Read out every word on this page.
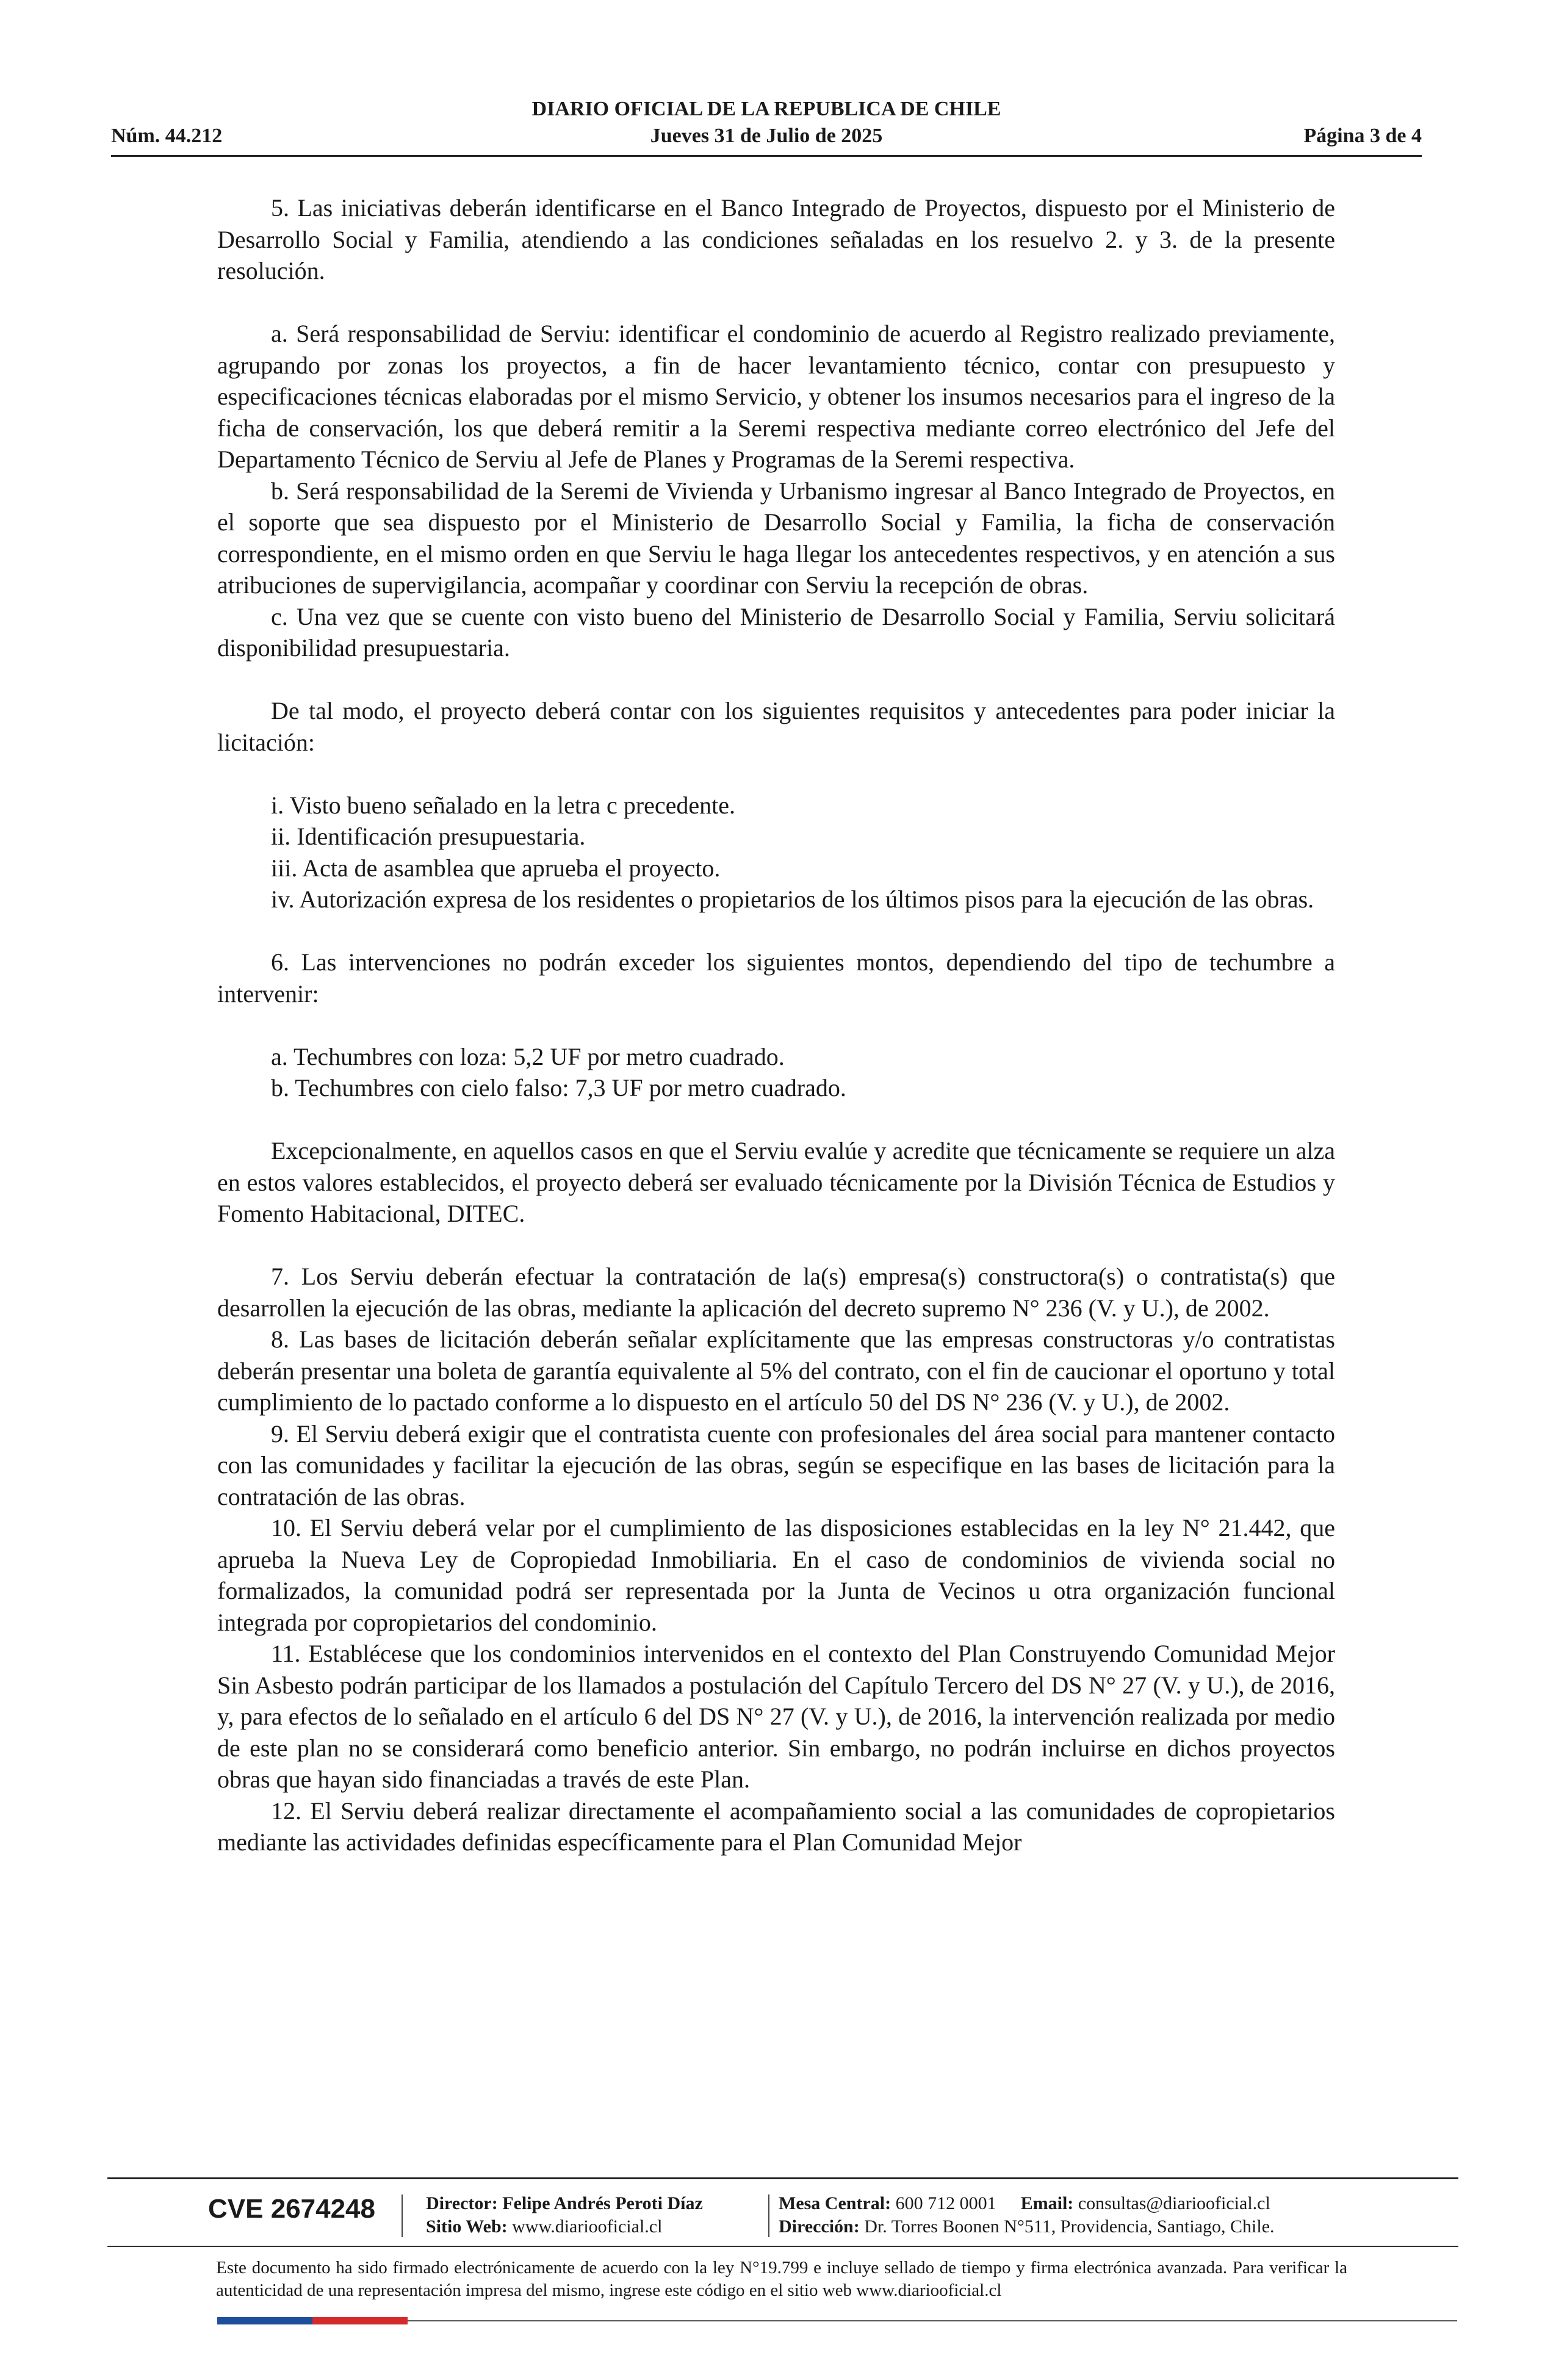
DIARIO OFICIAL DE LA REPUBLICA DE CHILE
Núm. 44.212	Jueves 31 de Julio de 2025	Página 3 de 4

5. Las iniciativas deberán identificarse en el Banco Integrado de Proyectos, dispuesto por el Ministerio de Desarrollo Social y Familia, atendiendo a las condiciones señaladas en los resuelvo 2. y 3. de la presente resolución.

a. Será responsabilidad de Serviu: identificar el condominio de acuerdo al Registro realizado previamente, agrupando por zonas los proyectos, a fin de hacer levantamiento técnico, contar con presupuesto y especificaciones técnicas elaboradas por el mismo Servicio, y obtener los insumos necesarios para el ingreso de la ficha de conservación, los que deberá remitir a la Seremi respectiva mediante correo electrónico del Jefe del Departamento Técnico de Serviu al Jefe de Planes y Programas de la Seremi respectiva.

b. Será responsabilidad de la Seremi de Vivienda y Urbanismo ingresar al Banco Integrado de Proyectos, en el soporte que sea dispuesto por el Ministerio de Desarrollo Social y Familia, la ficha de conservación correspondiente, en el mismo orden en que Serviu le haga llegar los antecedentes respectivos, y en atención a sus atribuciones de supervigilancia, acompañar y coordinar con Serviu la recepción de obras.

c. Una vez que se cuente con visto bueno del Ministerio de Desarrollo Social y Familia, Serviu solicitará disponibilidad presupuestaria.

De tal modo, el proyecto deberá contar con los siguientes requisitos y antecedentes para poder iniciar la licitación:

i. Visto bueno señalado en la letra c precedente.

ii. Identificación presupuestaria.

iii. Acta de asamblea que aprueba el proyecto.

iv. Autorización expresa de los residentes o propietarios de los últimos pisos para la ejecución de las obras.

6. Las intervenciones no podrán exceder los siguientes montos, dependiendo del tipo de techumbre a intervenir:

a. Techumbres con loza: 5,2 UF por metro cuadrado.

b. Techumbres con cielo falso: 7,3 UF por metro cuadrado.

Excepcionalmente, en aquellos casos en que el Serviu evalúe y acredite que técnicamente se requiere un alza en estos valores establecidos, el proyecto deberá ser evaluado técnicamente por la División Técnica de Estudios y Fomento Habitacional, DITEC.

7. Los Serviu deberán efectuar la contratación de la(s) empresa(s) constructora(s) o contratista(s) que desarrollen la ejecución de las obras, mediante la aplicación del decreto supremo N° 236 (V. y U.), de 2002.

8. Las bases de licitación deberán señalar explícitamente que las empresas constructoras y/o contratistas deberán presentar una boleta de garantía equivalente al 5% del contrato, con el fin de caucionar el oportuno y total cumplimiento de lo pactado conforme a lo dispuesto en el artículo 50 del DS N° 236 (V. y U.), de 2002.

9. El Serviu deberá exigir que el contratista cuente con profesionales del área social para mantener contacto con las comunidades y facilitar la ejecución de las obras, según se especifique en las bases de licitación para la contratación de las obras.

10. El Serviu deberá velar por el cumplimiento de las disposiciones establecidas en la ley N° 21.442, que aprueba la Nueva Ley de Copropiedad Inmobiliaria. En el caso de condominios de vivienda social no formalizados, la comunidad podrá ser representada por la Junta de Vecinos u otra organización funcional integrada por copropietarios del condominio.

11. Establécese que los condominios intervenidos en el contexto del Plan Construyendo Comunidad Mejor Sin Asbesto podrán participar de los llamados a postulación del Capítulo Tercero del DS N° 27 (V. y U.), de 2016, y, para efectos de lo señalado en el artículo 6 del DS N° 27 (V. y U.), de 2016, la intervención realizada por medio de este plan no se considerará como beneficio anterior. Sin embargo, no podrán incluirse en dichos proyectos obras que hayan sido financiadas a través de este Plan.

12. El Serviu deberá realizar directamente el acompañamiento social a las comunidades de copropietarios mediante las actividades definidas específicamente para el Plan Comunidad Mejor

CVE 2674248	Director: Felipe Andrés Peroti Díaz
Sitio Web: www.diariooficial.cl
Mesa Central: 600 712 0001 Email: consultas@diariooficial.cl
Dirección: Dr. Torres Boonen N°511, Providencia, Santiago, Chile.
Este documento ha sido firmado electrónicamente de acuerdo con la ley N°19.799 e incluye sellado de tiempo y firma electrónica avanzada. Para verificar la autenticidad de una representación impresa del mismo, ingrese este código en el sitio web www.diariooficial.cl
